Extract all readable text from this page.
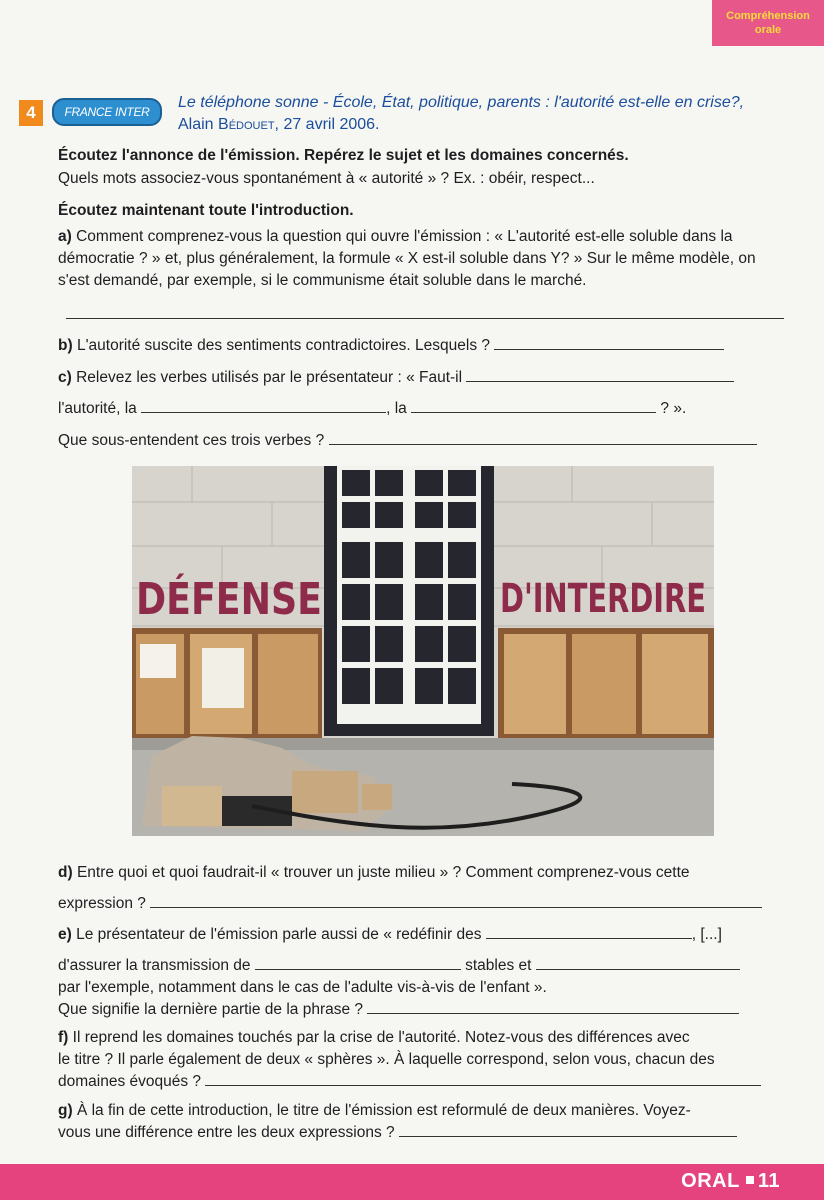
Compréhension
orale
4	FRANCE INTER
Le téléphone sonne - École, État, politique, parents : l'autorité est-elle en crise?,
Alain Bédouet, 27 avril 2006.
Écoutez l'annonce de l'émission. Repérez le sujet et les domaines concernés.
Quels mots associez-vous spontanément à « autorité » ? Ex. : obéir, respect...
Écoutez maintenant toute l'introduction.
a) Comment comprenez-vous la question qui ouvre l'émission : « L'autorité est-elle soluble dans la démocratie ? » et, plus généralement, la formule « X est-il soluble dans Y? » Sur le même modèle, on s'est demandé, par exemple, si le communisme était soluble dans le marché.
b) L'autorité suscite des sentiments contradictoires. Lesquels ?
c) Relevez les verbes utilisés par le présentateur : « Faut-il
l'autorité, la	, la	? ».
Que sous-entendent ces trois verbes ?
DÉFENSE	D'INTERDIRE
d) Entre quoi et quoi faudrait-il « trouver un juste milieu » ? Comment comprenez-vous cette
expression ?
e) Le présentateur de l'émission parle aussi de « redéfinir des	, [...]
d'assurer la transmission de	stables et
par l'exemple, notamment dans le cas de l'adulte vis-à-vis de l'enfant ».
Que signifie la dernière partie de la phrase ?
f) Il reprend les domaines touchés par la crise de l'autorité. Notez-vous des différences avec
le titre ? Il parle également de deux « sphères ». À laquelle correspond, selon vous, chacun des
domaines évoqués ?
g) À la fin de cette introduction, le titre de l'émission est reformulé de deux manières. Voyez-
vous une différence entre les deux expressions ?
ORAL 11
